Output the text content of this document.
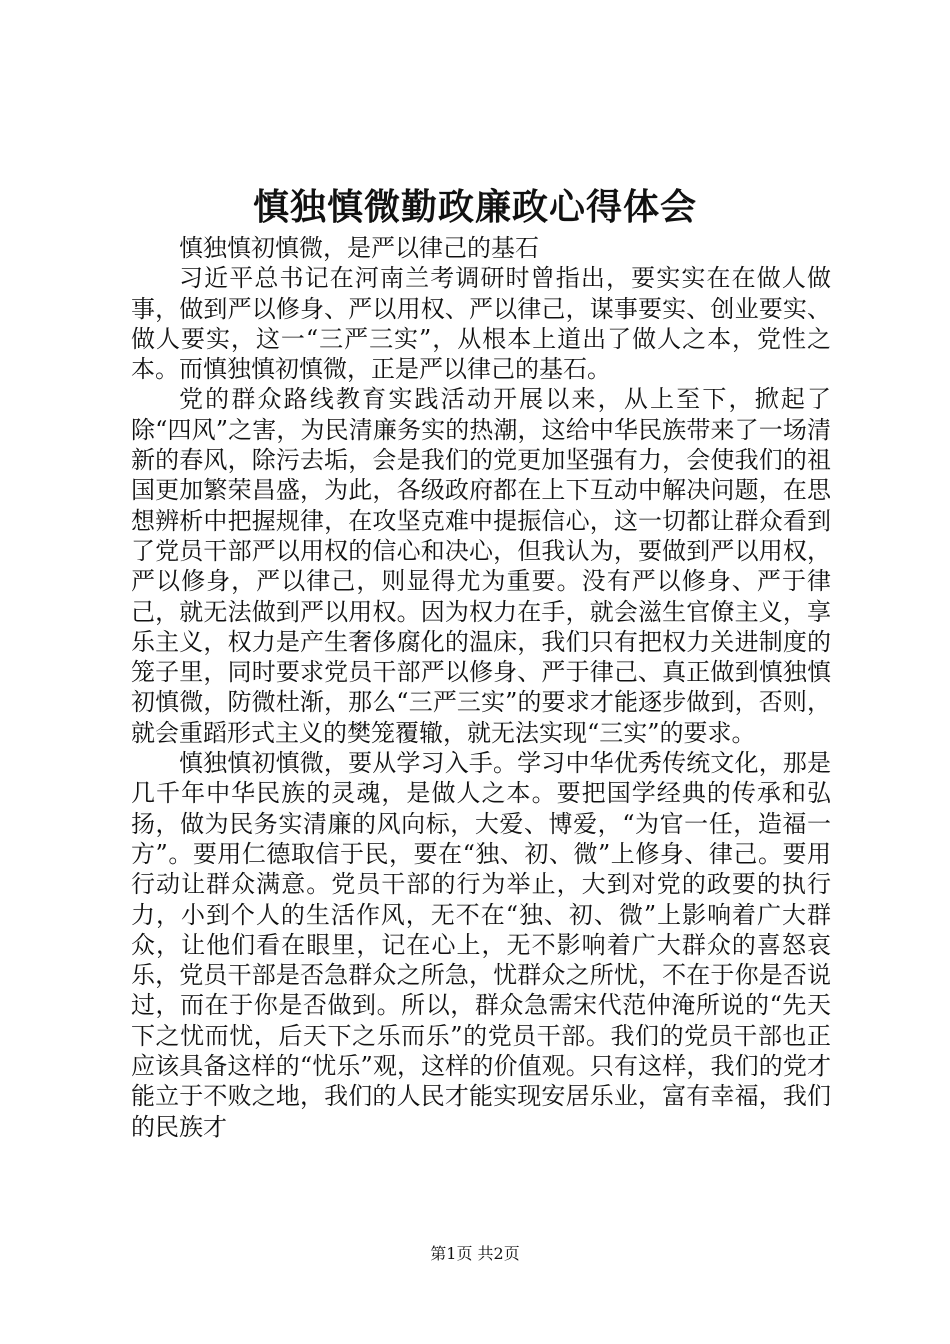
慎独慎微勤政廉政心得体会

慎独慎初慎微，是严以律己的基石

习近平总书记在河南兰考调研时曾指出，要实实在在做人做事，做到严以修身、严以用权、严以律己，谋事要实、创业要实、做人要实，这一“三严三实”，从根本上道出了做人之本，党性之本。而慎独慎初慎微，正是严以律己的基石。

党的群众路线教育实践活动开展以来，从上至下，掀起了除“四风”之害，为民清廉务实的热潮，这给中华民族带来了一场清新的春风，除污去垢，会是我们的党更加坚强有力，会使我们的祖国更加繁荣昌盛，为此，各级政府都在上下互动中解决问题，在思想辨析中把握规律，在攻坚克难中提振信心，这一切都让群众看到了党员干部严以用权的信心和决心，但我认为，要做到严以用权，严以修身，严以律己，则显得尤为重要。没有严以修身、严于律己，就无法做到严以用权。因为权力在手，就会滋生官僚主义，享乐主义，权力是产生奢侈腐化的温床，我们只有把权力关进制度的笼子里，同时要求党员干部严以修身、严于律己、真正做到慎独慎初慎微，防微杜渐，那么“三严三实”的要求才能逐步做到，否则，就会重蹈形式主义的樊笼覆辙，就无法实现“三实”的要求。

慎独慎初慎微，要从学习入手。学习中华优秀传统文化，那是几千年中华民族的灵魂，是做人之本。要把国学经典的传承和弘扬，做为民务实清廉的风向标，大爱、博爱，“为官一任，造福一方”。要用仁德取信于民，要在“独、初、微”上修身、律己。要用行动让群众满意。党员干部的行为举止，大到对党的政要的执行力，小到个人的生活作风，无不在“独、初、微”上影响着广大群众，让他们看在眼里，记在心上，无不影响着广大群众的喜怒哀乐，党员干部是否急群众之所急，忧群众之所忧，不在于你是否说过，而在于你是否做到。所以，群众急需宋代范仲淹所说的“先天下之忧而忧，后天下之乐而乐”的党员干部。我们的党员干部也正应该具备这样的“忧乐”观，这样的价值观。只有这样，我们的党才能立于不败之地，我们的人民才能实现安居乐业，富有幸福，我们的民族才

第1页 共2页
